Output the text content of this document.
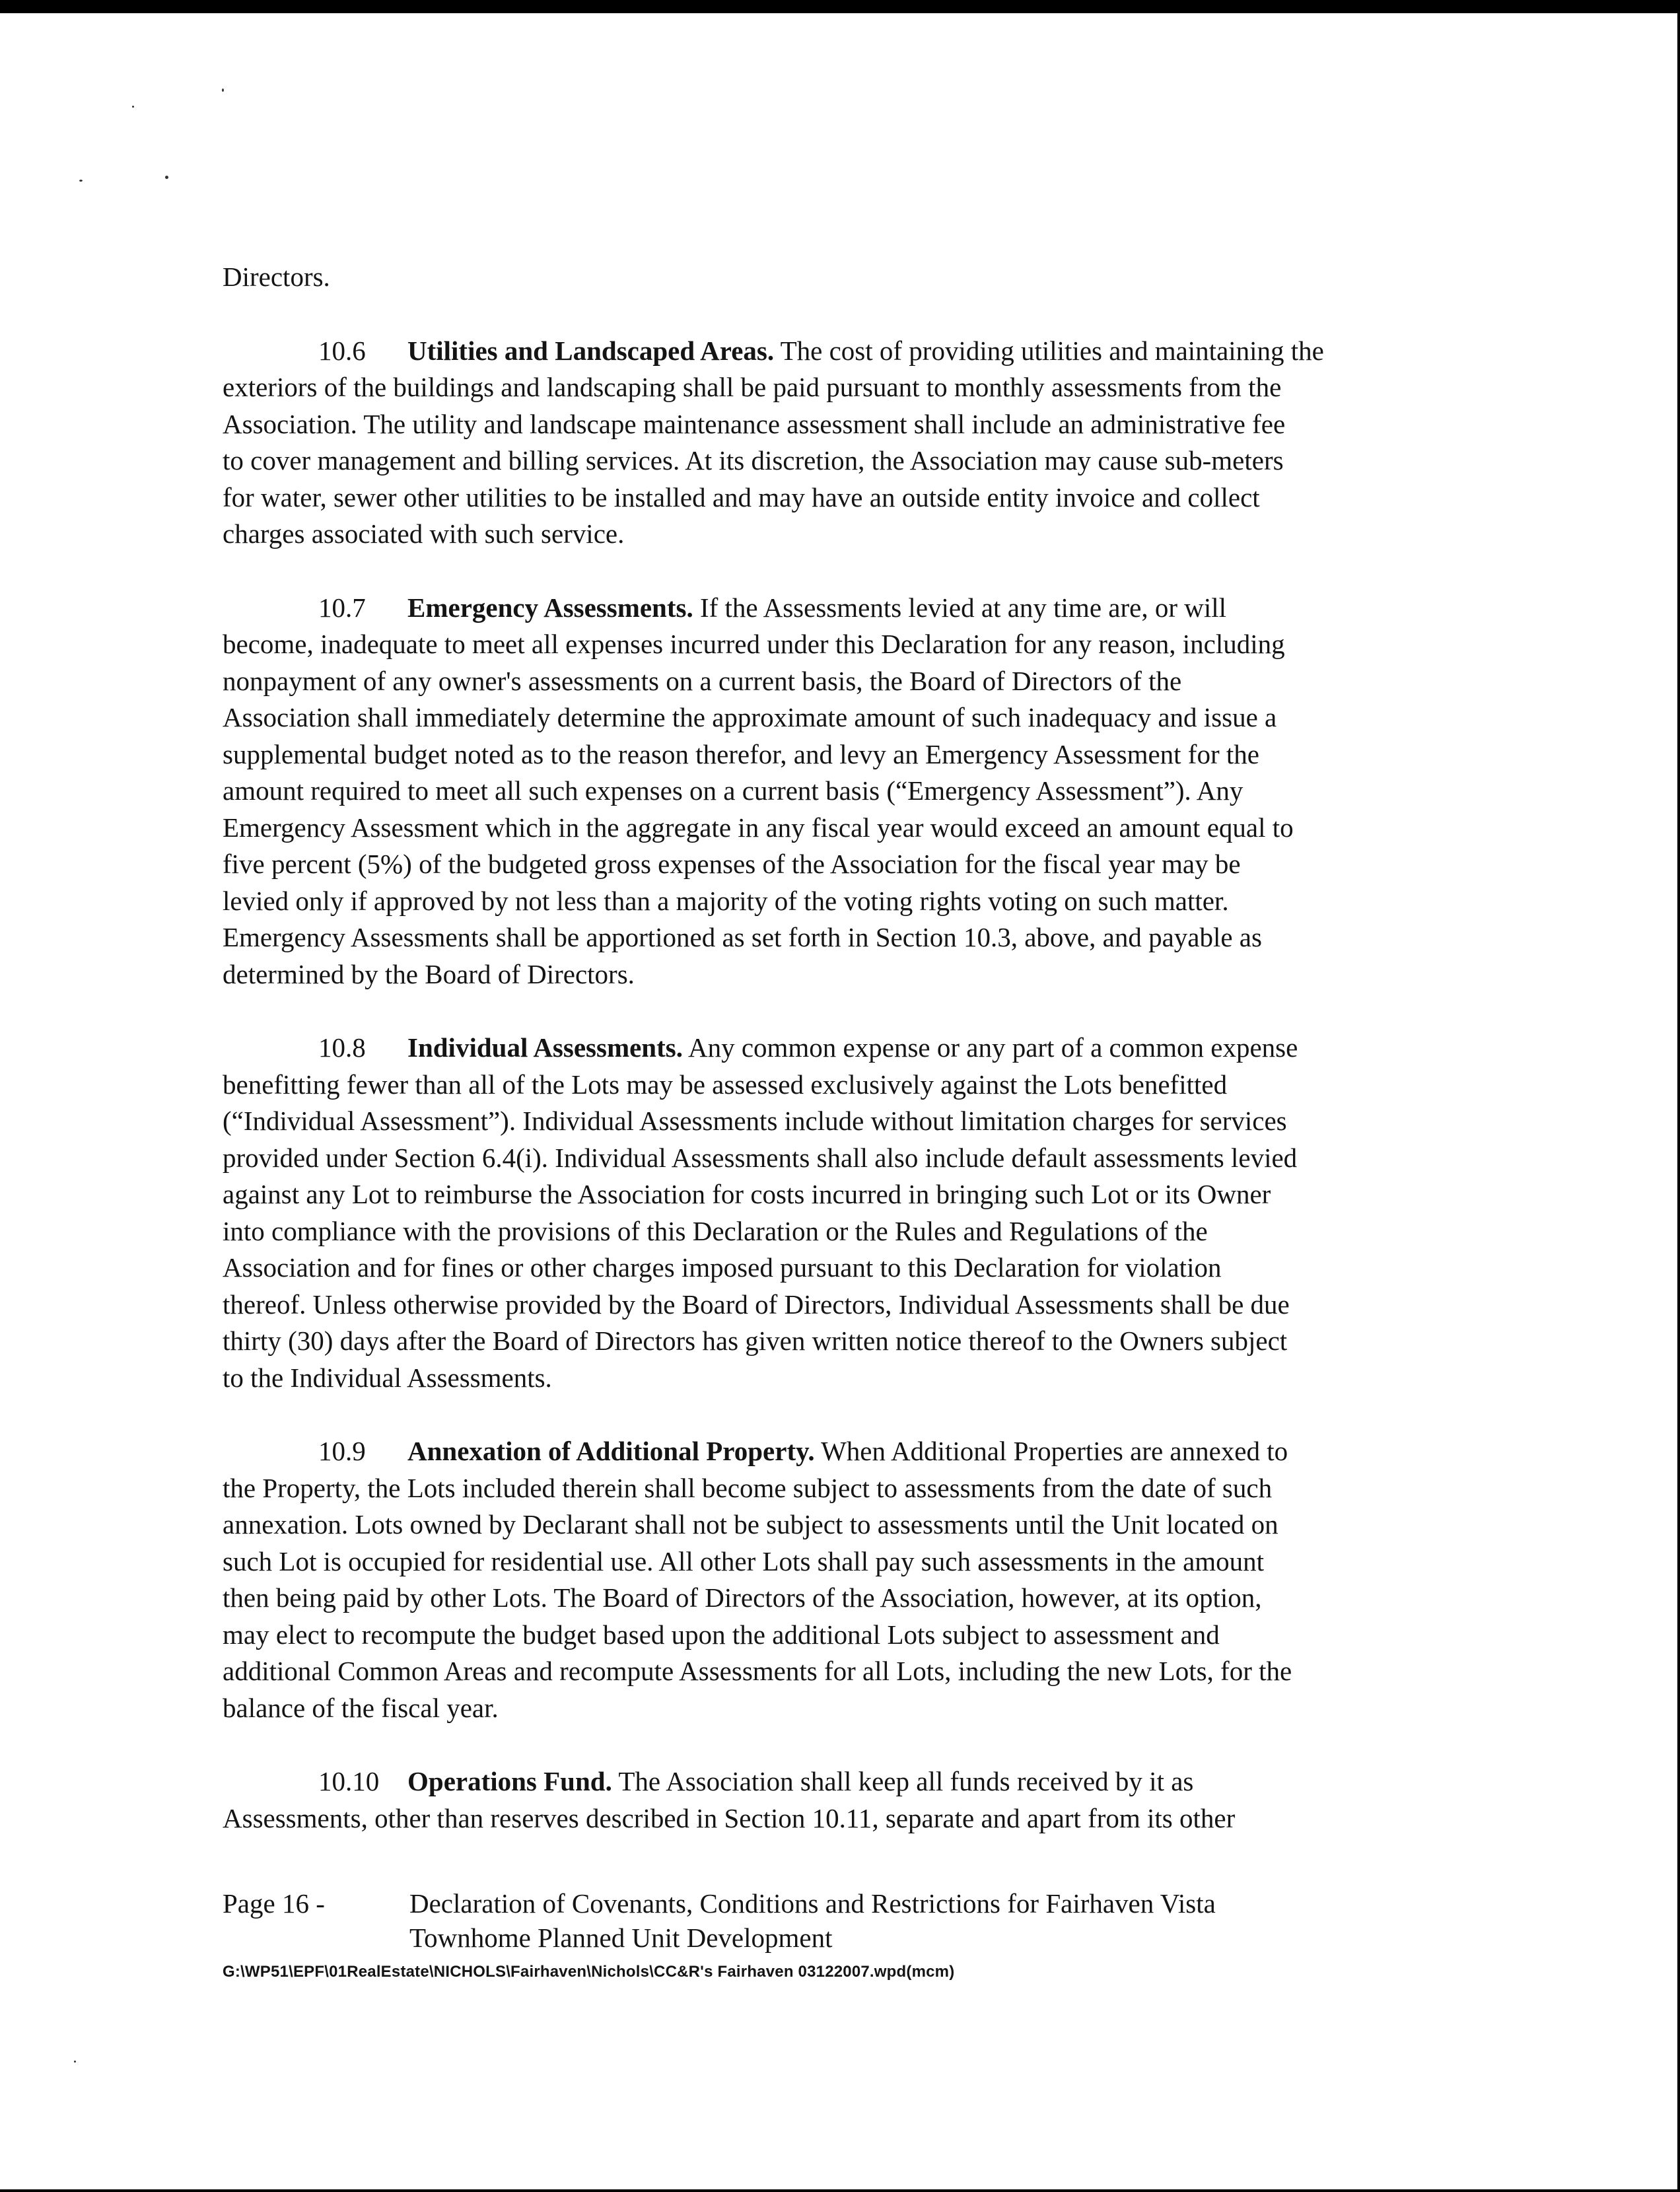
Directors.
10.6 Utilities and Landscaped Areas. The cost of providing utilities and maintaining the
exteriors of the buildings and landscaping shall be paid pursuant to monthly assessments from the
Association. The utility and landscape maintenance assessment shall include an administrative fee
to cover management and billing services. At its discretion, the Association may cause sub-meters
for water, sewer other utilities to be installed and may have an outside entity invoice and collect
charges associated with such service.
10.7 Emergency Assessments. If the Assessments levied at any time are, or will
become, inadequate to meet all expenses incurred under this Declaration for any reason, including
nonpayment of any owner's assessments on a current basis, the Board of Directors of the
Association shall immediately determine the approximate amount of such inadequacy and issue a
supplemental budget noted as to the reason therefor, and levy an Emergency Assessment for the
amount required to meet all such expenses on a current basis (“Emergency Assessment”). Any
Emergency Assessment which in the aggregate in any fiscal year would exceed an amount equal to
five percent (5%) of the budgeted gross expenses of the Association for the fiscal year may be
levied only if approved by not less than a majority of the voting rights voting on such matter.
Emergency Assessments shall be apportioned as set forth in Section 10.3, above, and payable as
determined by the Board of Directors.
10.8 Individual Assessments. Any common expense or any part of a common expense
benefitting fewer than all of the Lots may be assessed exclusively against the Lots benefitted
(“Individual Assessment”). Individual Assessments include without limitation charges for services
provided under Section 6.4(i). Individual Assessments shall also include default assessments levied
against any Lot to reimburse the Association for costs incurred in bringing such Lot or its Owner
into compliance with the provisions of this Declaration or the Rules and Regulations of the
Association and for fines or other charges imposed pursuant to this Declaration for violation
thereof. Unless otherwise provided by the Board of Directors, Individual Assessments shall be due
thirty (30) days after the Board of Directors has given written notice thereof to the Owners subject
to the Individual Assessments.
10.9 Annexation of Additional Property. When Additional Properties are annexed to
the Property, the Lots included therein shall become subject to assessments from the date of such
annexation. Lots owned by Declarant shall not be subject to assessments until the Unit located on
such Lot is occupied for residential use. All other Lots shall pay such assessments in the amount
then being paid by other Lots. The Board of Directors of the Association, however, at its option,
may elect to recompute the budget based upon the additional Lots subject to assessment and
additional Common Areas and recompute Assessments for all Lots, including the new Lots, for the
balance of the fiscal year.
10.10 Operations Fund. The Association shall keep all funds received by it as
Assessments, other than reserves described in Section 10.11, separate and apart from its other
Page 16 -	Declaration of Covenants, Conditions and Restrictions for Fairhaven Vista
Townhome Planned Unit Development
G:\WP51\EPF\01RealEstate\NICHOLS\Fairhaven\Nichols\CC&R's Fairhaven 03122007.wpd(mcm)
